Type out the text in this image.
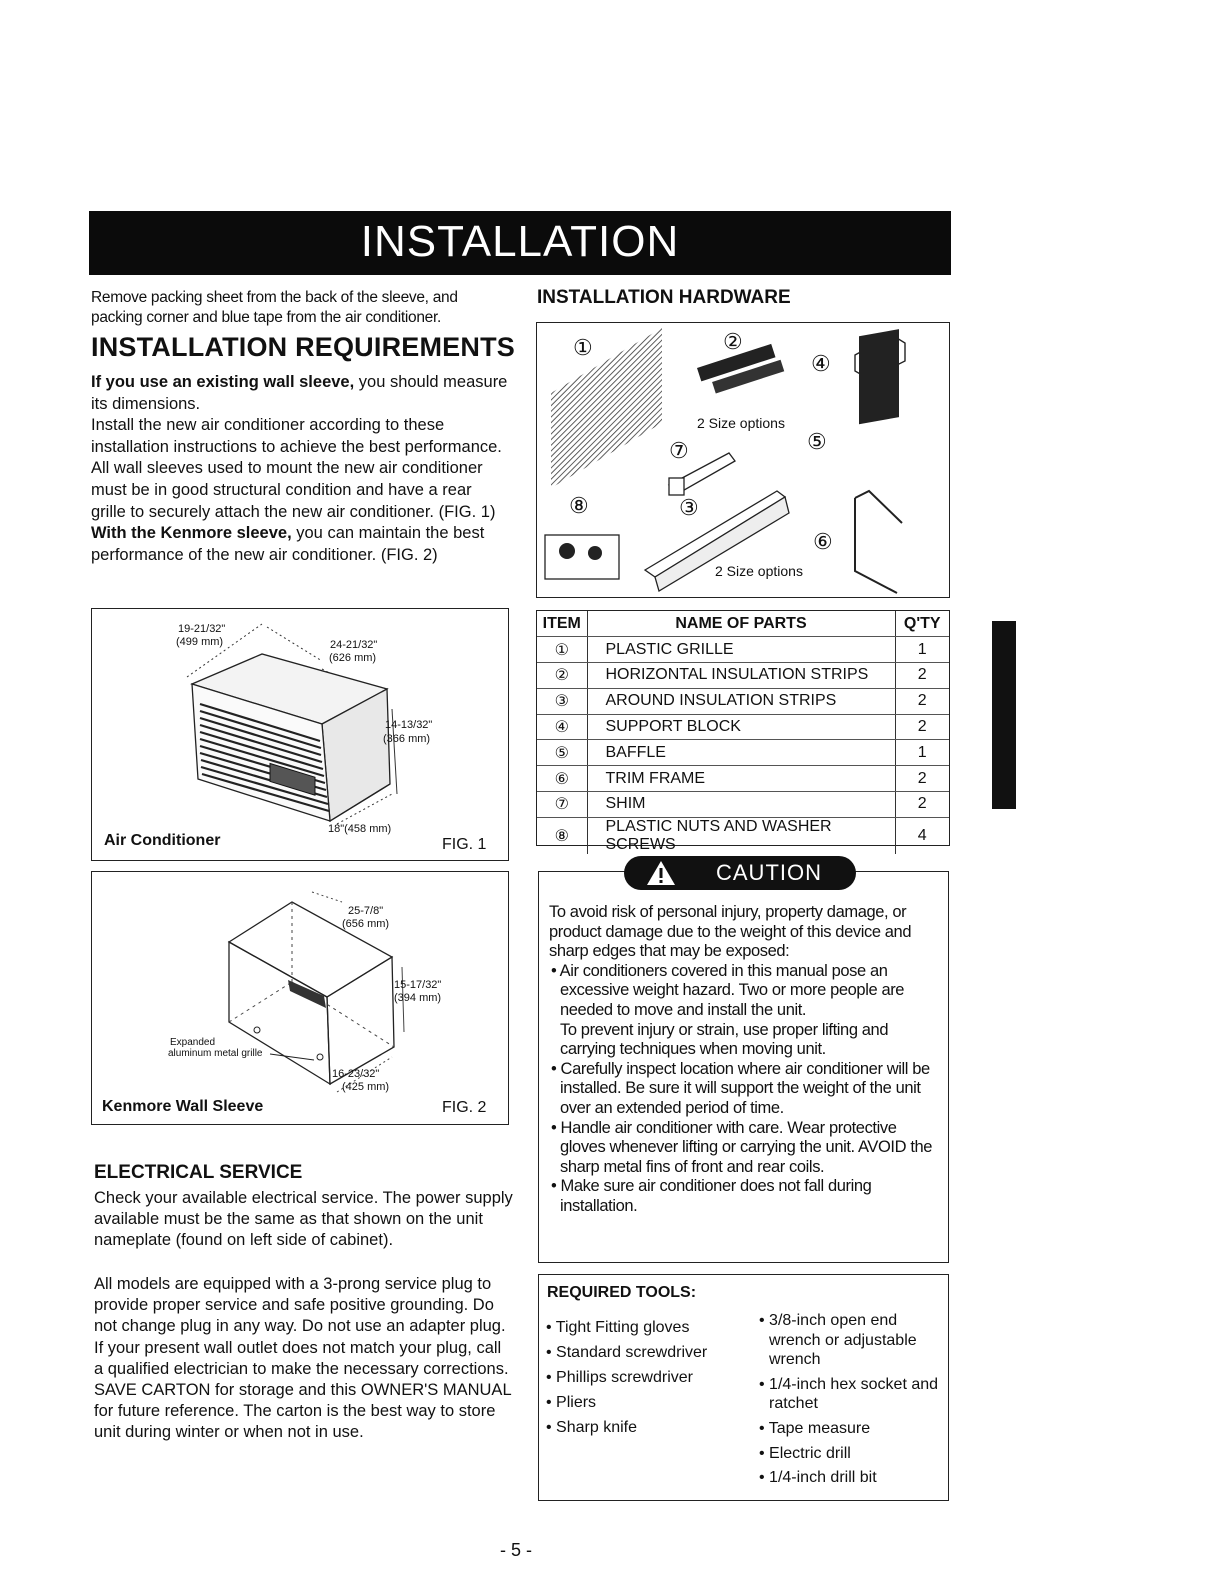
INSTALLATION
Remove packing sheet from the back of the sleeve, and packing corner and blue tape from the air conditioner.
INSTALLATION REQUIREMENTS

If you use an existing wall sleeve, you should measure its dimensions.

Install the new air conditioner according to these installation instructions to achieve the best performance. All wall sleeves used to mount the new air conditioner must be in good structural condition and have a rear grille to securely attach the new air conditioner. (FIG. 1)

With the Kenmore sleeve, you can maintain the best performance of the new air conditioner. (FIG. 2)

19-21/32"
(499 mm)	24-21/32"
(626 mm)
14-13/32"
(366 mm)
18"(458 mm)
Air Conditioner	FIG. 1
25-7/8"
(656 mm)
15-17/32"
(394 mm)
16-23/32"
(425 mm)
Expanded
aluminum metal grille
Kenmore Wall Sleeve	FIG. 2
ELECTRICAL SERVICE
Check your available electrical service. The power supply available must be the same as that shown on the unit nameplate (found on left side of cabinet).
All models are equipped with a 3-prong service plug to provide proper service and safe positive grounding. Do not change plug in any way. Do not use an adapter plug. If your present wall outlet does not match your plug, call a qualified electrician to make the necessary corrections. SAVE CARTON for storage and this OWNER'S MANUAL for future reference. The carton is the best way to store unit during winter or when not in use.
INSTALLATION HARDWARE
①	②
④
2 Size options
⑤
⑦
⑧	③
⑥
2 Size options
ITEM	NAME OF PARTS	Q'TY
①	PLASTIC GRILLE	1
②	HORIZONTAL INSULATION STRIPS	2
③	AROUND INSULATION STRIPS	2
④	SUPPORT BLOCK	2
⑤	BAFFLE	1
⑥	TRIM FRAME	2
⑦	SHIM	2
⑧	PLASTIC NUTS AND WASHER SCREWS	4
CAUTION

To avoid risk of personal injury, property damage, or product damage due to the weight of this device and sharp edges that may be exposed:

• Air conditioners covered in this manual pose an excessive weight hazard. Two or more people are needed to move and install the unit.

To prevent injury or strain, use proper lifting and carrying techniques when moving unit.

• Carefully inspect location where air conditioner will be installed. Be sure it will support the weight of the unit over an extended period of time.

• Handle air conditioner with care. Wear protective gloves whenever lifting or carrying the unit. AVOID the sharp metal fins of front and rear coils.

• Make sure air conditioner does not fall during installation.

REQUIRED TOOLS:
• Tight Fitting gloves
• Standard screwdriver
• Phillips screwdriver
• Pliers
• Sharp knife
• 3/8-inch open end wrench or adjustable wrench
• 1/4-inch hex socket and ratchet
• Tape measure
• Electric drill
• 1/4-inch drill bit
- 5 -
